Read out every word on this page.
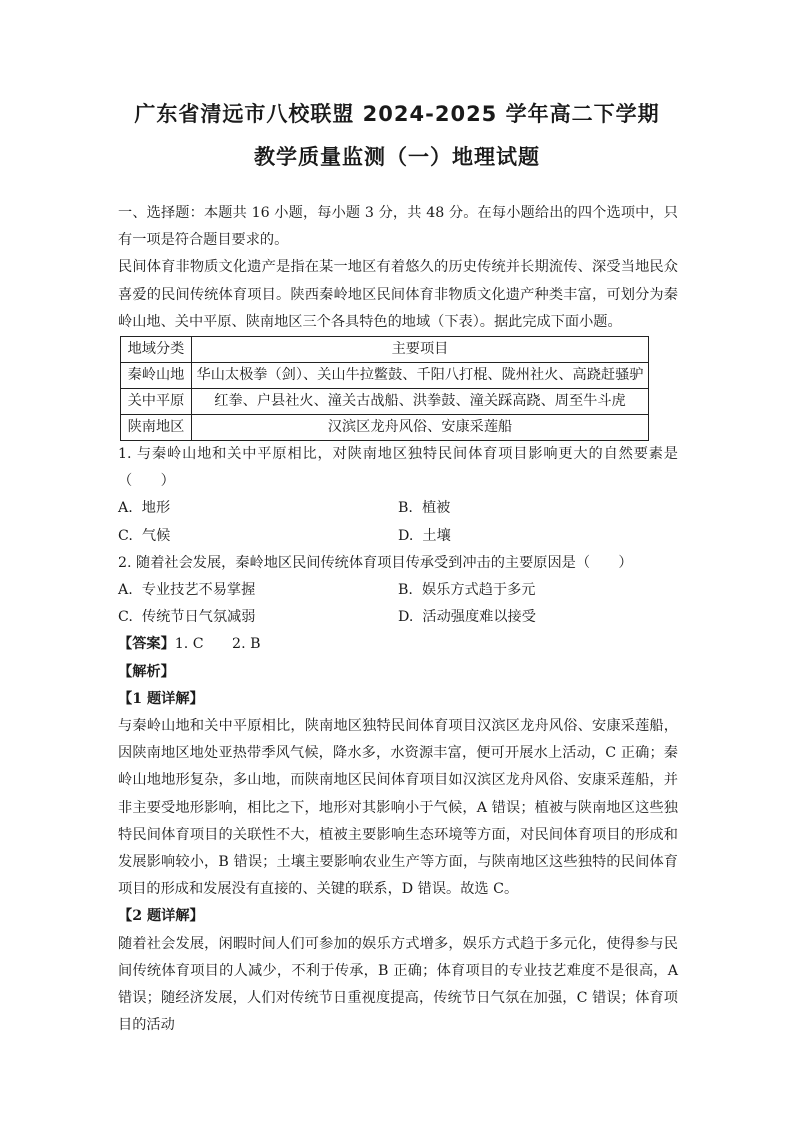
广东省清远市八校联盟 2024-2025 学年高二下学期
教学质量监测（一）地理试题

一、选择题：本题共 16 小题，每小题 3 分，共 48 分。在每小题给出的四个选项中，只有一项是符合题目要求的。

民间体育非物质文化遗产是指在某一地区有着悠久的历史传统并长期流传、深受当地民众喜爱的民间传统体育项目。陕西秦岭地区民间体育非物质文化遗产种类丰富，可划分为秦岭山地、关中平原、陕南地区三个各具特色的地域（下表）。据此完成下面小题。

地域分类	主要项目
秦岭山地	华山太极拳（剑）、关山牛拉鳖鼓、千阳八打棍、陇州社火、高跷赶骚驴
关中平原	红拳、户县社火、潼关古战船、洪拳鼓、潼关踩高跷、周至牛斗虎
陕南地区	汉滨区龙舟风俗、安康采莲船

1. 与秦岭山地和关中平原相比，对陕南地区独特民间体育项目影响更大的自然要素是（　　）

A.  地形	B.  植被
C.  气候	D.  土壤

2. 随着社会发展，秦岭地区民间传统体育项目传承受到冲击的主要原因是（　　）

A.  专业技艺不易掌握	B.  娱乐方式趋于多元
C.  传统节日气氛减弱	D.  活动强度难以接受

【答案】1. C　　2. B

【解析】

【1 题详解】

与秦岭山地和关中平原相比，陕南地区独特民间体育项目汉滨区龙舟风俗、安康采莲船，因陕南地区地处亚热带季风气候，降水多，水资源丰富，便可开展水上活动，C 正确；秦岭山地地形复杂，多山地，而陕南地区民间体育项目如汉滨区龙舟风俗、安康采莲船，并非主要受地形影响，相比之下，地形对其影响小于气候，A 错误；植被与陕南地区这些独特民间体育项目的关联性不大，植被主要影响生态环境等方面，对民间体育项目的形成和发展影响较小，B 错误；土壤主要影响农业生产等方面，与陕南地区这些独特的民间体育项目的形成和发展没有直接的、关键的联系，D 错误。故选 C。

【2 题详解】

随着社会发展，闲暇时间人们可参加的娱乐方式增多，娱乐方式趋于多元化，使得参与民间传统体育项目的人减少，不利于传承，B 正确；体育项目的专业技艺难度不是很高，A 错误；随经济发展，人们对传统节日重视度提高，传统节日气氛在加强，C 错误；体育项目的活动
